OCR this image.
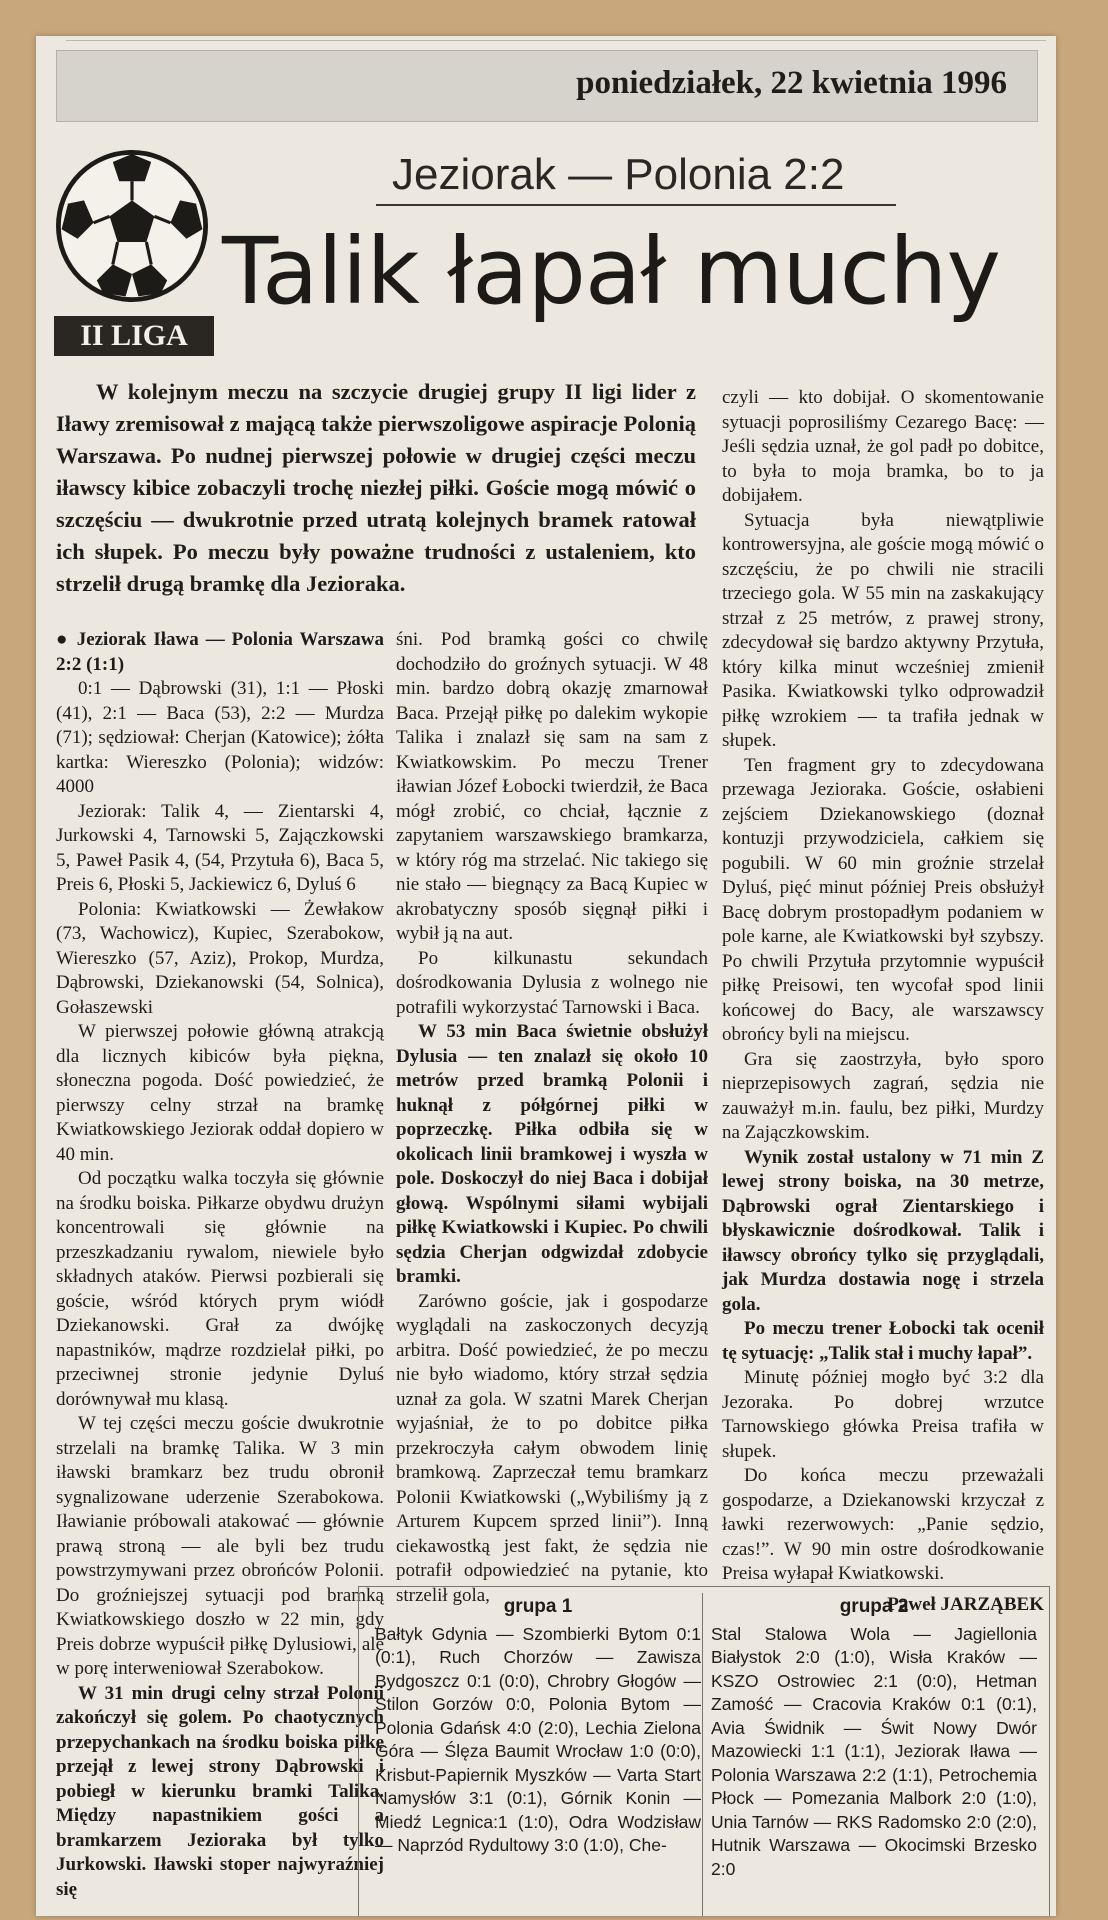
poniedziałek, 22 kwietnia 1996
II LIGA
Jeziorak — Polonia 2:2
Talik łapał muchy
W kolejnym meczu na szczycie drugiej grupy II ligi lider z Iławy zremisował z mającą także pierwszoligowe aspiracje Polonią Warszawa. Po nudnej pierwszej połowie w drugiej części meczu iławscy kibice zobaczyli trochę niezłej piłki. Goście mogą mówić o szczęściu — dwukrotnie przed utratą kolejnych bramek ratował ich słupek. Po meczu były poważne trudności z ustaleniem, kto strzelił drugą bramkę dla Jezioraka.

● Jeziorak Iława — Polonia Warszawa 2:2 (1:1)

0:1 — Dąbrowski (31), 1:1 — Płoski (41), 2:1 — Baca (53), 2:2 — Murdza (71); sędziował: Cherjan (Katowice); żółta kartka: Wiereszko (Polonia); widzów: 4000

Jeziorak: Talik 4, — Zientarski 4, Jurkowski 4, Tarnowski 5, Zajączkowski 5, Paweł Pasik 4, (54, Przytuła 6), Baca 5, Preis 6, Płoski 5, Jackiewicz 6, Dyluś 6

Polonia: Kwiatkowski — Żewłakow (73, Wachowicz), Kupiec, Szerabokow, Wiereszko (57, Aziz), Prokop, Murdza, Dąbrowski, Dziekanowski (54, Solnica), Gołaszewski

W pierwszej połowie główną atrakcją dla licznych kibiców była piękna, słoneczna pogoda. Dość powiedzieć, że pierwszy celny strzał na bramkę Kwiatkowskiego Jeziorak oddał dopiero w 40 min.

Od początku walka toczyła się głównie na środku boiska. Piłkarze obydwu drużyn koncentrowali się głównie na przeszkadzaniu rywalom, niewiele było składnych ataków. Pierwsi pozbierali się goście, wśród których prym wiódł Dziekanowski. Grał za dwójkę napastników, mądrze rozdzielał piłki, po przeciwnej stronie jedynie Dyluś dorównywał mu klasą.

W tej części meczu goście dwukrotnie strzelali na bramkę Talika. W 3 min iławski bramkarz bez trudu obronił sygnalizowane uderzenie Szerabokowa. Iławianie próbowali atakować — głównie prawą stroną — ale byli bez trudu powstrzymywani przez obrońców Polonii. Do groźniejszej sytuacji pod bramką Kwiatkowskiego doszło w 22 min, gdy Preis dobrze wypuścił piłkę Dylusiowi, ale w porę interweniował Szerabokow.

W 31 min drugi celny strzał Polonii zakończył się golem. Po chaotycznych przepychankach na środku boiska piłkę przejął z lewej strony Dąbrowski i pobiegł w kierunku bramki Talika. Między napastnikiem gości a bramkarzem Jezioraka był tylko Jurkowski. Iławski stoper najwyraźniej się

śni. Pod bramką gości co chwilę dochodziło do groźnych sytuacji. W 48 min. bardzo dobrą okazję zmarnował Baca. Przejął piłkę po dalekim wykopie Talika i znalazł się sam na sam z Kwiatkowskim. Po meczu Trener iławian Józef Łobocki twierdził, że Baca mógł zrobić, co chciał, łącznie z zapytaniem warszawskiego bramkarza, w który róg ma strzelać. Nic takiego się nie stało — biegnący za Bacą Kupiec w akrobatyczny sposób sięgnął piłki i wybił ją na aut.

Po kilkunastu sekundach dośrodkowania Dylusia z wolnego nie potrafili wykorzystać Tarnowski i Baca.

W 53 min Baca świetnie obsłużył Dylusia — ten znalazł się około 10 metrów przed bramką Polonii i huknął z półgórnej piłki w poprzeczkę. Piłka odbiła się w okolicach linii bramkowej i wyszła w pole. Doskoczył do niej Baca i dobijał głową. Wspólnymi siłami wybijali piłkę Kwiatkowski i Kupiec. Po chwili sędzia Cherjan odgwizdał zdobycie bramki.

Zarówno goście, jak i gospodarze wyglądali na zaskoczonych decyzją arbitra. Dość powiedzieć, że po meczu nie było wiadomo, który strzał sędzia uznał za gola. W szatni Marek Cherjan wyjaśniał, że to po dobitce piłka przekroczyła całym obwodem linię bramkową. Zaprzeczał temu bramkarz Polonii Kwiatkowski („Wybiliśmy ją z Arturem Kupcem sprzed linii”). Inną ciekawostką jest fakt, że sędzia nie potrafił odpowiedzieć na pytanie, kto strzelił gola,

czyli — kto dobijał. O skomentowanie sytuacji poprosiliśmy Cezarego Bacę: — Jeśli sędzia uznał, że gol padł po dobitce, to była to moja bramka, bo to ja dobijałem.

Sytuacja była niewątpliwie kontrowersyjna, ale goście mogą mówić o szczęściu, że po chwili nie stracili trzeciego gola. W 55 min na zaskakujący strzał z 25 metrów, z prawej strony, zdecydował się bardzo aktywny Przytuła, który kilka minut wcześniej zmienił Pasika. Kwiatkowski tylko odprowadził piłkę wzrokiem — ta trafiła jednak w słupek.

Ten fragment gry to zdecydowana przewaga Jezioraka. Goście, osłabieni zejściem Dziekanowskiego (doznał kontuzji przywodziciela, całkiem się pogubili. W 60 min groźnie strzelał Dyluś, pięć minut później Preis obsłużył Bacę dobrym prostopadłym podaniem w pole karne, ale Kwiatkowski był szybszy. Po chwili Przytuła przytomnie wypuścił piłkę Preisowi, ten wycofał spod linii końcowej do Bacy, ale warszawscy obrońcy byli na miejscu.

Gra się zaostrzyła, było sporo nieprzepisowych zagrań, sędzia nie zauważył m.in. faulu, bez piłki, Murdzy na Zajączkowskim.

Wynik został ustalony w 71 min Z lewej strony boiska, na 30 metrze, Dąbrowski ograł Zientarskiego i błyskawicznie dośrodkował. Talik i iławscy obrońcy tylko się przyglądali, jak Murdza dostawia nogę i strzela gola.

Po meczu trener Łobocki tak ocenił tę sytuację: „Talik stał i muchy łapał”.

Minutę później mogło być 3:2 dla Jezoraka. Po dobrej wrzutce Tarnowskiego główka Preisa trafiła w słupek.

Do końca meczu przeważali gospodarze, a Dziekanowski krzyczał z ławki rezerwowych: „Panie sędzio, czas!”. W 90 min ostre dośrodkowanie Preisa wyłapał Kwiatkowski.

Paweł JARZĄBEK
grupa 1
Bałtyk Gdynia — Szombierki Bytom 0:1 (0:1), Ruch Chorzów — Zawisza Bydgoszcz 0:1 (0:0), Chrobry Głogów — Stilon Gorzów 0:0, Polonia Bytom — Polonia Gdańsk 4:0 (2:0), Lechia Zielona Góra — Ślęza Baumit Wrocław 1:0 (0:0), Krisbut-Papiernik Myszków — Varta Start Namysłów 3:1 (0:1), Górnik Konin — Miedź Legnica:1 (1:0), Odra Wodzisław — Naprzód Rydultowy 3:0 (1:0), Che-
grupa 2
Stal Stalowa Wola — Jagiellonia Białystok 2:0 (1:0), Wisła Kraków — KSZO Ostrowiec 2:1 (0:0), Hetman Zamość — Cracovia Kraków 0:1 (0:1), Avia Świdnik — Świt Nowy Dwór Mazowiecki 1:1 (1:1), Jeziorak Iława — Polonia Warszawa 2:2 (1:1), Petrochemia Płock — Pomezania Malbork 2:0 (1:0), Unia Tarnów — RKS Radomsko 2:0 (2:0), Hutnik Warszawa — Okocimski Brzesko 2:0
